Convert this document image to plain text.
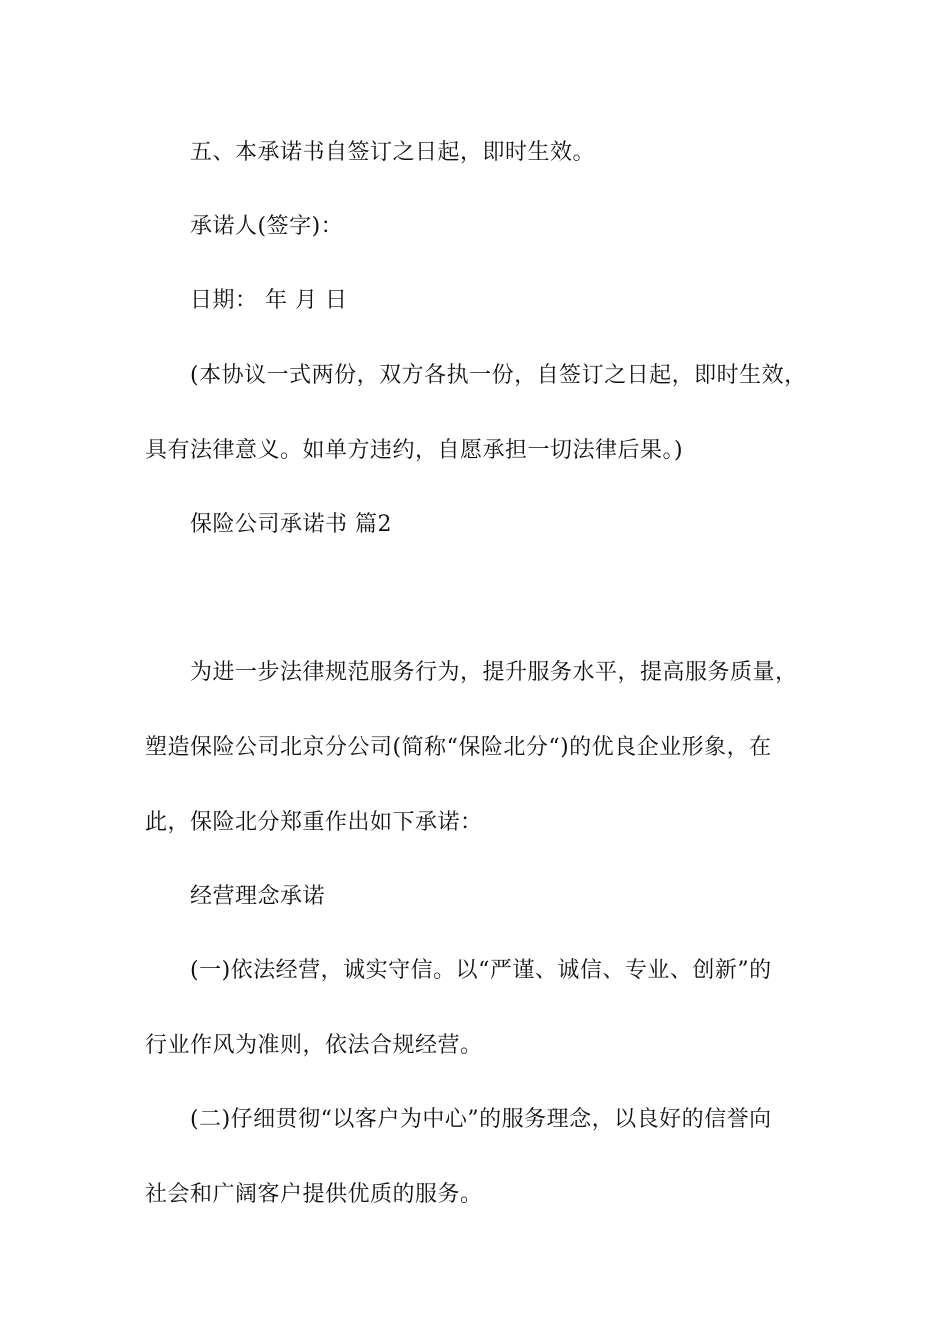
五、本承诺书自签订之日起，即时生效。
承诺人(签字)：
日期： 年 月 日
(本协议一式两份，双方各执一份，自签订之日起，即时生效，
具有法律意义。如单方违约，自愿承担一切法律后果。)
保险公司承诺书 篇2
为进一步法律规范服务行为，提升服务水平，提高服务质量，
塑造保险公司北京分公司(简称“保险北分“)的优良企业形象，在
此，保险北分郑重作出如下承诺：
经营理念承诺
(一)依法经营，诚实守信。以“严谨、诚信、专业、创新”的
行业作风为准则，依法合规经营。
(二)仔细贯彻“以客户为中心”的服务理念，以良好的信誉向
社会和广阔客户提供优质的服务。
